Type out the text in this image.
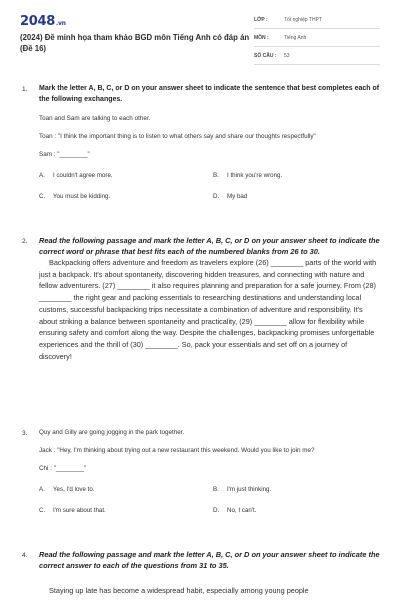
2048.vn
(2024) Đề minh họa tham khảo BGD môn Tiếng Anh có đáp án (Đề 16)
LỚP :	Tốt nghiệp THPT
MÔN :	Tiếng Anh
SỐ CÂU : 53
1. Mark the letter A, B, C, or D on your answer sheet to indicate the sentence that best completes each of the following exchanges.
Toan and Sam are talking to each other.
Toan : "I think the important thing is to listen to what others say and share our thoughts respectfully"
Sam : "________"
A. I couldn't agree more.	B. I think you're wrong.
C. You must be kidding.	D. My bad
2. Read the following passage and mark the letter A, B, C, or D on your answer sheet to indicate the correct word or phrase that best fits each of the numbered blanks from 26 to 30.
Backpacking offers adventure and freedom as travelers explore (26) ________ parts of the world with just a backpack. It's about spontaneity, discovering hidden treasures, and connecting with nature and fellow adventurers. (27) ________ it also requires planning and preparation for a safe journey. From (28) ________ the right gear and packing essentials to researching destinations and understanding local customs, successful backpacking trips necessitate a combination of adventure and responsibility. It's about striking a balance between spontaneity and practicality, (29) ________ allow for flexibility while ensuring safety and comfort along the way. Despite the challenges, backpacking promises unforgettable experiences and the thrill of (30) ________. So, pack your essentials and set off on a journey of discovery!
3. Quy and Gilly are going jogging in the park together.
Jack : "Hey, I'm thinking about trying out a new restaurant this weekend. Would you like to join me?
Chi : "________"
A. Yes, I'd love to.	B. I'm just thinking.
C. I'm sure about that.	D. No, I can't.
4. Read the following passage and mark the letter A, B, C, or D on your answer sheet to indicate the correct answer to each of the questions from 31 to 35.
Staying up late has become a widespread habit, especially among young people
